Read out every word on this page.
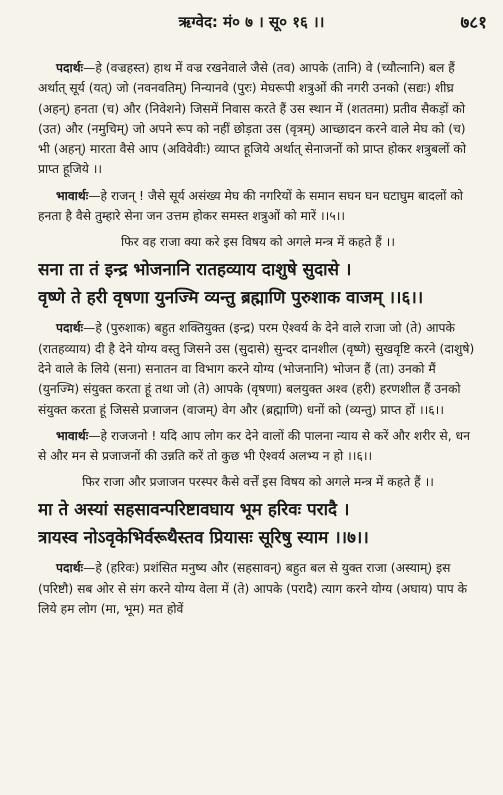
ऋग्वेद: मं० ७ । सू० १६ ।।	७८१

पदार्थः—हे (वज्रहस्त) हाथ में वज्र रखनेवाले जैसे (तव) आपके (तानि) वे (च्यौत्नानि) बल हैं अर्थात् सूर्य (यत्) जो (नवनवतिम्) निन्यानवे (पुरः) मेघरूपी शत्रुओं की नगरी उनको (सद्यः) शीघ्र (अहन्) हनता (च) और (निवेशने) जिसमें निवास करते हैं उस स्थान में (शततमा) प्रतीव सैकड़ों को (उत) और (नमुचिम्) जो अपने रूप को नहीं छोड़ता उस (वृत्रम्) आच्छादन करने वाले मेघ को (च) भी (अहन्) मारता वैसे आप (अविवेवीः) व्याप्त हूजिये अर्थात् सेनाजनों को प्राप्त होकर शत्रुबलों को प्राप्त हूजिये ।।

भावार्थः—हे राजन् ! जैसे सूर्य असंख्य मेघ की नगरियों के समान सघन घन घटाघुम बादलों को हनता है वैसे तुम्हारे सेना जन उत्तम होकर समस्त शत्रुओं को मारें ।।५।।

फिर वह राजा क्या करे इस विषय को अगले मन्त्र में कहते हैं ।।
सना ता तं इन्द्र भोजनानि रातहव्याय दाशुषे सुदासे ।
वृष्णे ते हरी वृषणा युनज्मि व्यन्तु ब्रह्माणि पुरुशाक वाजम् ।।६।।

पदार्थः—हे (पुरुशाक) बहुत शक्तियुक्त (इन्द्र) परम ऐश्वर्य के देने वाले राजा जो (ते) आपके (रातहव्याय) दी है देने योग्य वस्तु जिसने उस (सुदासे) सुन्दर दानशील (वृष्णे) सुखवृष्टि करने (दाशुषे) देने वाले के लिये (सना) सनातन वा विभाग करने योग्य (भोजनानि) भोजन हैं (ता) उनको मैं (युनज्मि) संयुक्त करता हूं तथा जो (ते) आपके (वृषणा) बलयुक्त अश्व (हरी) हरणशील हैं उनको संयुक्त करता हूं जिससे प्रजाजन (वाजम्) वेग और (ब्रह्माणि) धनों को (व्यन्तु) प्राप्त हों ।।६।।

भावार्थः—हे राजजनो ! यदि आप लोग कर देने वालों की पालना न्याय से करें और शरीर से, धन से और मन से प्रजाजनों की उन्नति करें तो कुछ भी ऐश्वर्य अलभ्य न हो ।।६।।

फिर राजा और प्रजाजन परस्पर कैसे वर्त्तें इस विषय को अगले मन्त्र में कहते हैं ।।
मा ते अस्यां सहसावन्परिष्टावघाय भूम हरिवः परादै ।
त्रायस्व नोऽवृकेभिर्वरूथैस्तव प्रियासः सूरिषु स्याम ।।७।।

पदार्थः—हे (हरिवः) प्रशंसित मनुष्य और (सहसावन्) बहुत बल से युक्त राजा (अस्याम्) इस (परिष्टौ) सब ओर से संग करने योग्य वेला में (ते) आपके (परादै) त्याग करने योग्य (अघाय) पाप के लिये हम लोग (मा, भूम) मत होवें
